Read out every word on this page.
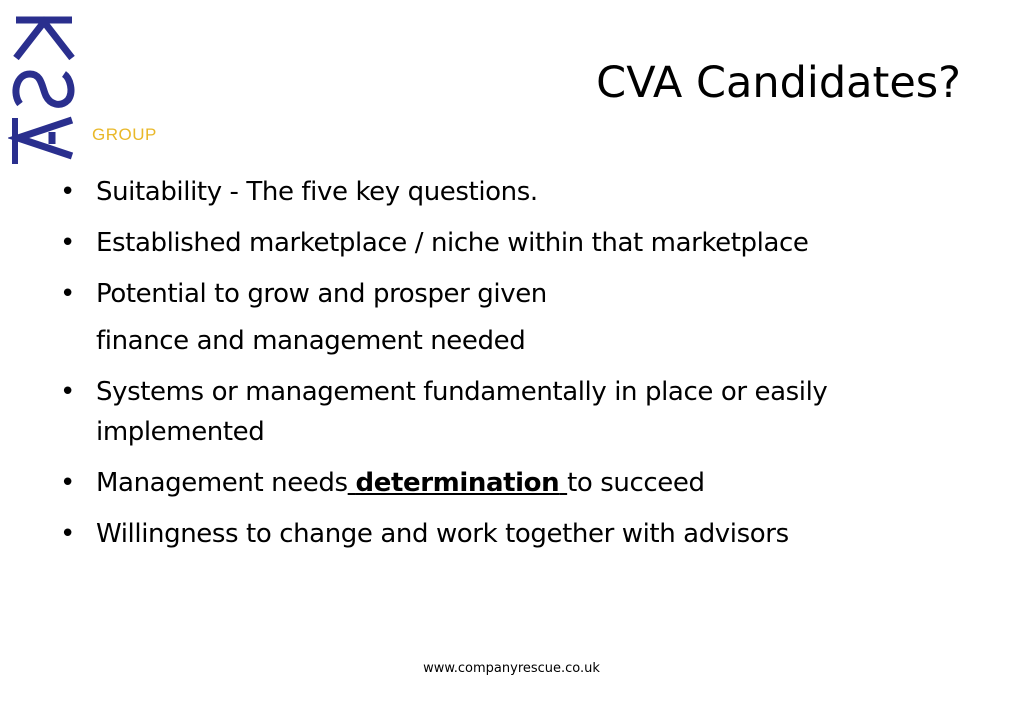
GROUP
CVA Candidates?
• Suitability - The five key questions.
• Established marketplace / niche within that marketplace
• Potential to grow and prosper given
finance and management needed
• Systems or management fundamentally in place or easily implemented
• Management needs determination to succeed
• Willingness to change and work together with advisors
www.companyrescue.co.uk
